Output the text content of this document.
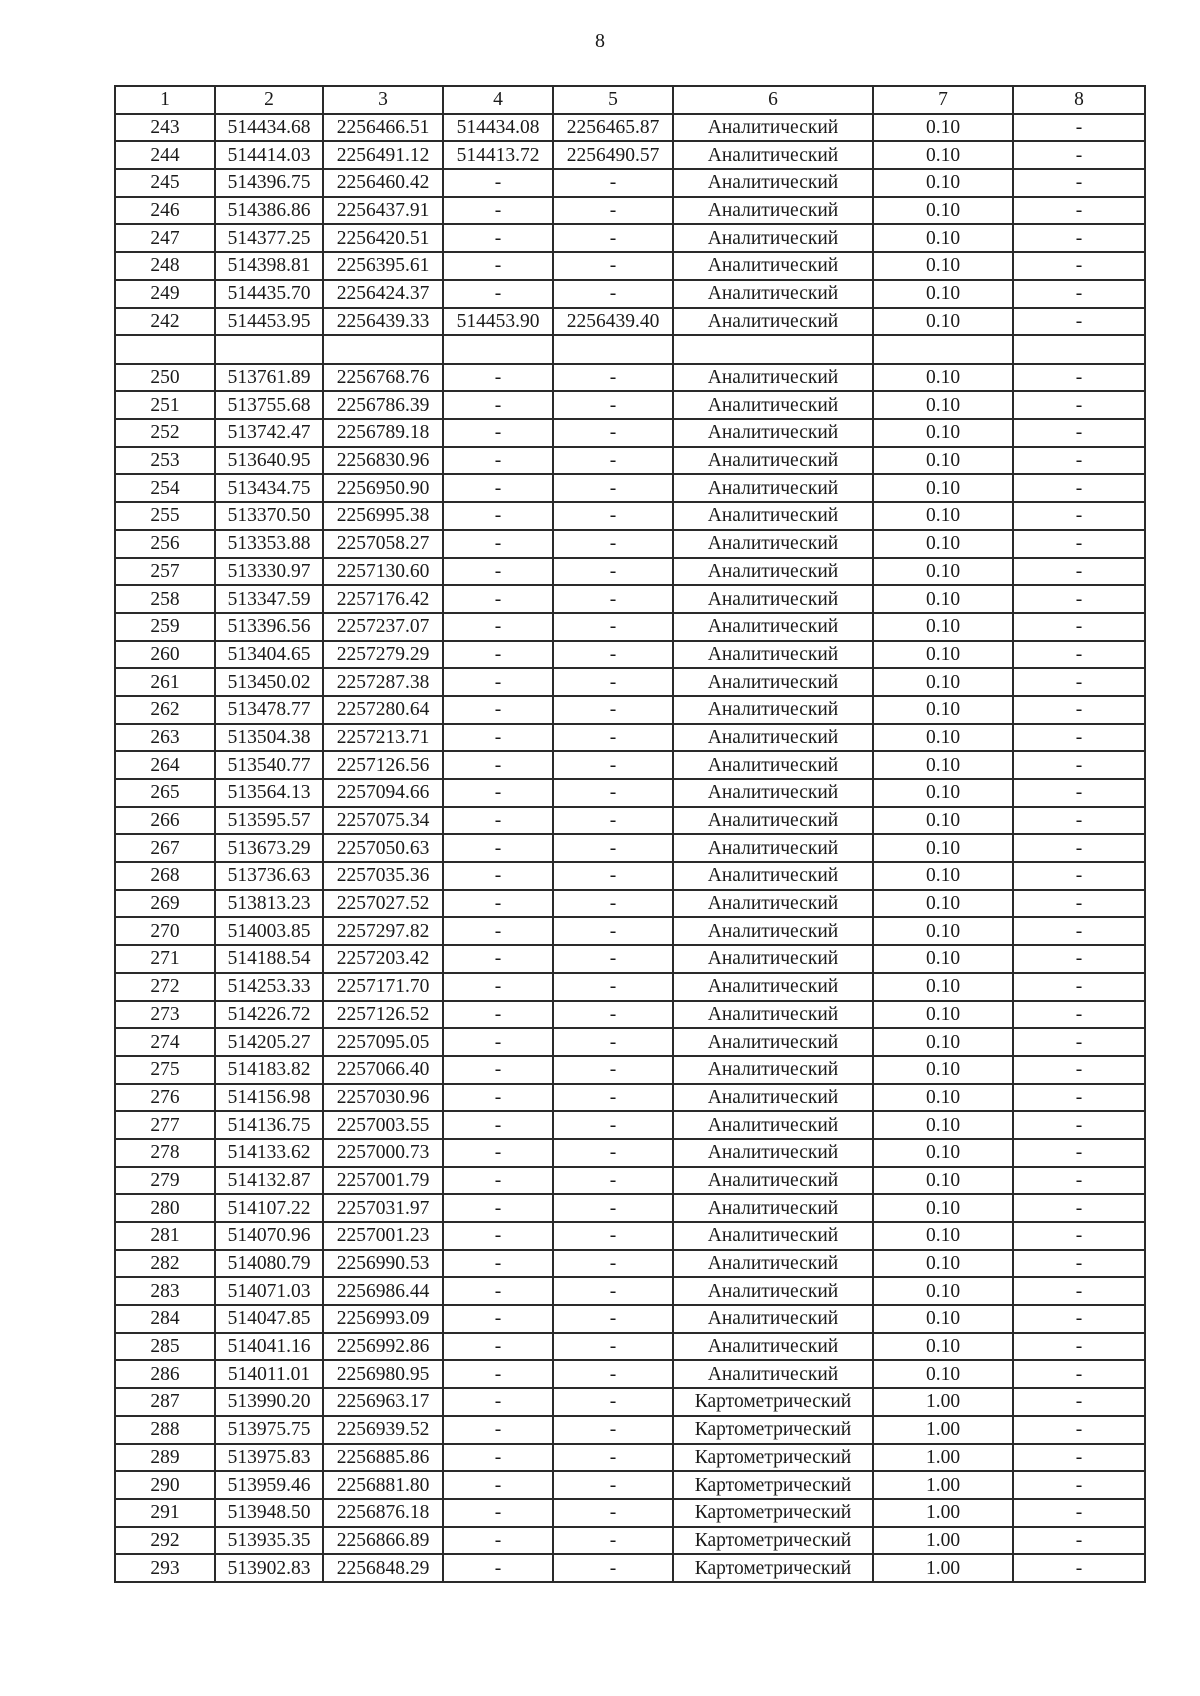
8
1	2	3	4	5	6	7	8
243	514434.68	2256466.51	514434.08	2256465.87	Аналитический	0.10	-
244	514414.03	2256491.12	514413.72	2256490.57	Аналитический	0.10	-
245	514396.75	2256460.42	-	-	Аналитический	0.10	-
246	514386.86	2256437.91	-	-	Аналитический	0.10	-
247	514377.25	2256420.51	-	-	Аналитический	0.10	-
248	514398.81	2256395.61	-	-	Аналитический	0.10	-
249	514435.70	2256424.37	-	-	Аналитический	0.10	-
242	514453.95	2256439.33	514453.90	2256439.40	Аналитический	0.10	-

250	513761.89	2256768.76	-	-	Аналитический	0.10	-
251	513755.68	2256786.39	-	-	Аналитический	0.10	-
252	513742.47	2256789.18	-	-	Аналитический	0.10	-
253	513640.95	2256830.96	-	-	Аналитический	0.10	-
254	513434.75	2256950.90	-	-	Аналитический	0.10	-
255	513370.50	2256995.38	-	-	Аналитический	0.10	-
256	513353.88	2257058.27	-	-	Аналитический	0.10	-
257	513330.97	2257130.60	-	-	Аналитический	0.10	-
258	513347.59	2257176.42	-	-	Аналитический	0.10	-
259	513396.56	2257237.07	-	-	Аналитический	0.10	-
260	513404.65	2257279.29	-	-	Аналитический	0.10	-
261	513450.02	2257287.38	-	-	Аналитический	0.10	-
262	513478.77	2257280.64	-	-	Аналитический	0.10	-
263	513504.38	2257213.71	-	-	Аналитический	0.10	-
264	513540.77	2257126.56	-	-	Аналитический	0.10	-
265	513564.13	2257094.66	-	-	Аналитический	0.10	-
266	513595.57	2257075.34	-	-	Аналитический	0.10	-
267	513673.29	2257050.63	-	-	Аналитический	0.10	-
268	513736.63	2257035.36	-	-	Аналитический	0.10	-
269	513813.23	2257027.52	-	-	Аналитический	0.10	-
270	514003.85	2257297.82	-	-	Аналитический	0.10	-
271	514188.54	2257203.42	-	-	Аналитический	0.10	-
272	514253.33	2257171.70	-	-	Аналитический	0.10	-
273	514226.72	2257126.52	-	-	Аналитический	0.10	-
274	514205.27	2257095.05	-	-	Аналитический	0.10	-
275	514183.82	2257066.40	-	-	Аналитический	0.10	-
276	514156.98	2257030.96	-	-	Аналитический	0.10	-
277	514136.75	2257003.55	-	-	Аналитический	0.10	-
278	514133.62	2257000.73	-	-	Аналитический	0.10	-
279	514132.87	2257001.79	-	-	Аналитический	0.10	-
280	514107.22	2257031.97	-	-	Аналитический	0.10	-
281	514070.96	2257001.23	-	-	Аналитический	0.10	-
282	514080.79	2256990.53	-	-	Аналитический	0.10	-
283	514071.03	2256986.44	-	-	Аналитический	0.10	-
284	514047.85	2256993.09	-	-	Аналитический	0.10	-
285	514041.16	2256992.86	-	-	Аналитический	0.10	-
286	514011.01	2256980.95	-	-	Аналитический	0.10	-
287	513990.20	2256963.17	-	-	Картометрический	1.00	-
288	513975.75	2256939.52	-	-	Картометрический	1.00	-
289	513975.83	2256885.86	-	-	Картометрический	1.00	-
290	513959.46	2256881.80	-	-	Картометрический	1.00	-
291	513948.50	2256876.18	-	-	Картометрический	1.00	-
292	513935.35	2256866.89	-	-	Картометрический	1.00	-
293	513902.83	2256848.29	-	-	Картометрический	1.00	-
